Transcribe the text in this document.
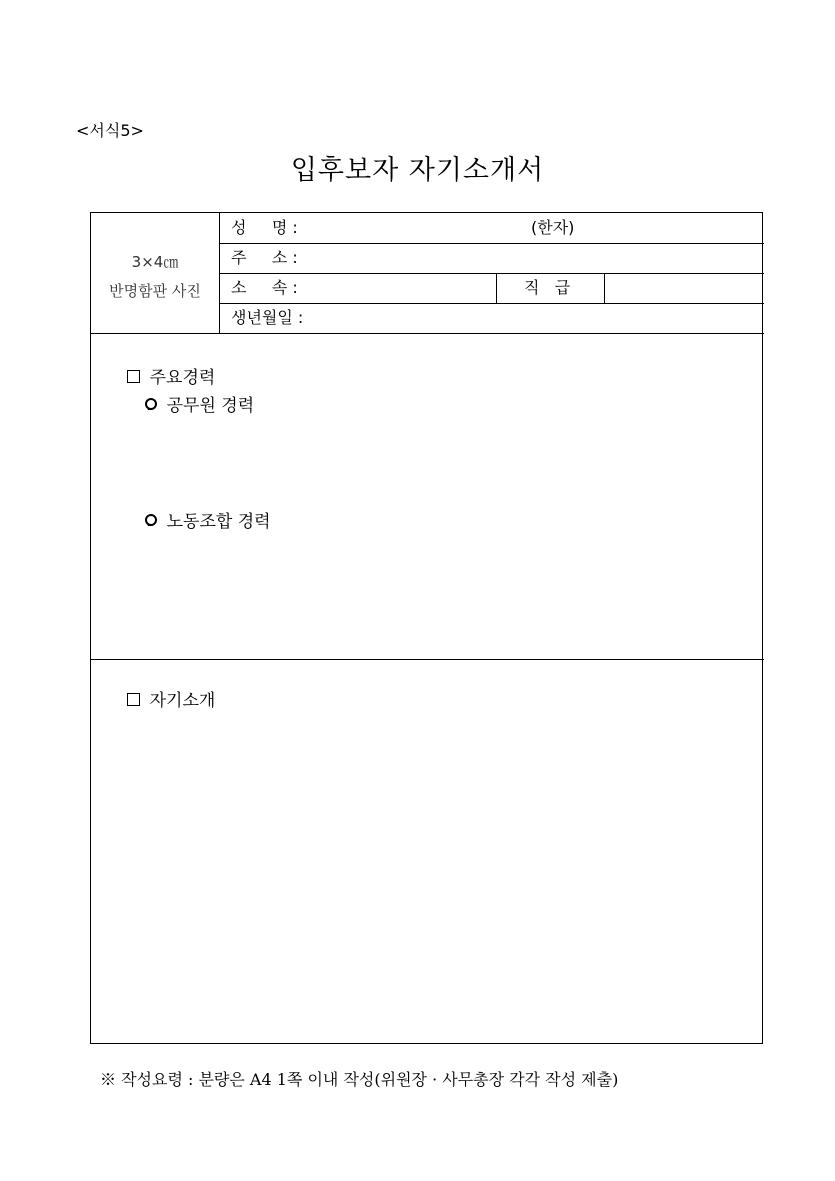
<서식5>
입후보자 자기소개서
3×4㎝
반명함판 사진
성     명 :	(한자)
주     소 :
소     속 :	직   급
생년월일 :

주요경력

공무원 경력

-

노동조합 경력

-

자기소개

※ 작성요령 : 분량은 A4 1쪽 이내 작성(위원장 · 사무총장 각각 작성 제출)
